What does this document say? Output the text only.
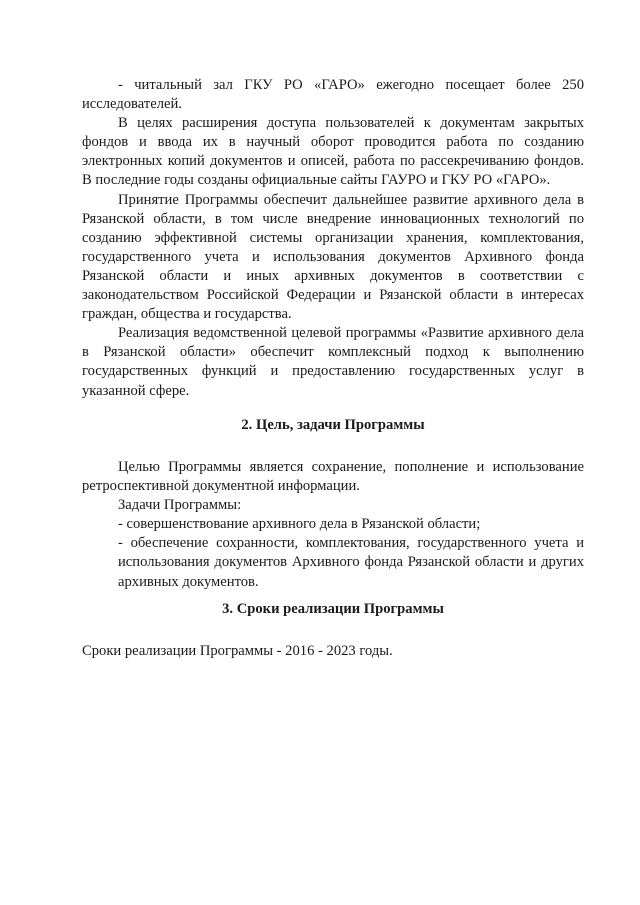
- читальный зал ГКУ РО «ГАРО» ежегодно посещает более 250 исследователей.

В целях расширения доступа пользователей к документам закрытых фондов и ввода их в научный оборот проводится работа по созданию электронных копий документов и описей, работа по рассекречиванию фондов. В последние годы созданы официальные сайты ГАУРО и ГКУ РО «ГАРО».

Принятие Программы обеспечит дальнейшее развитие архивного дела в Рязанской области, в том числе внедрение инновационных технологий по созданию эффективной системы организации хранения, комплектования, государственного учета и использования документов Архивного фонда Рязанской области и иных архивных документов в соответствии с законодательством Российской Федерации и Рязанской области в интересах граждан, общества и государства.

Реализация ведомственной целевой программы «Развитие архивного дела в Рязанской области» обеспечит комплексный подход к выполнению государственных функций и предоставлению государственных услуг в указанной сфере.

2. Цель, задачи Программы

Целью Программы является сохранение, пополнение и использование ретроспективной документной информации.

Задачи Программы:

- совершенствование архивного дела в Рязанской области;

- обеспечение сохранности, комплектования, государственного учета и использования документов Архивного фонда Рязанской области и других архивных документов.

3. Сроки реализации Программы
Сроки реализации Программы - 2016 - 2023 годы.
